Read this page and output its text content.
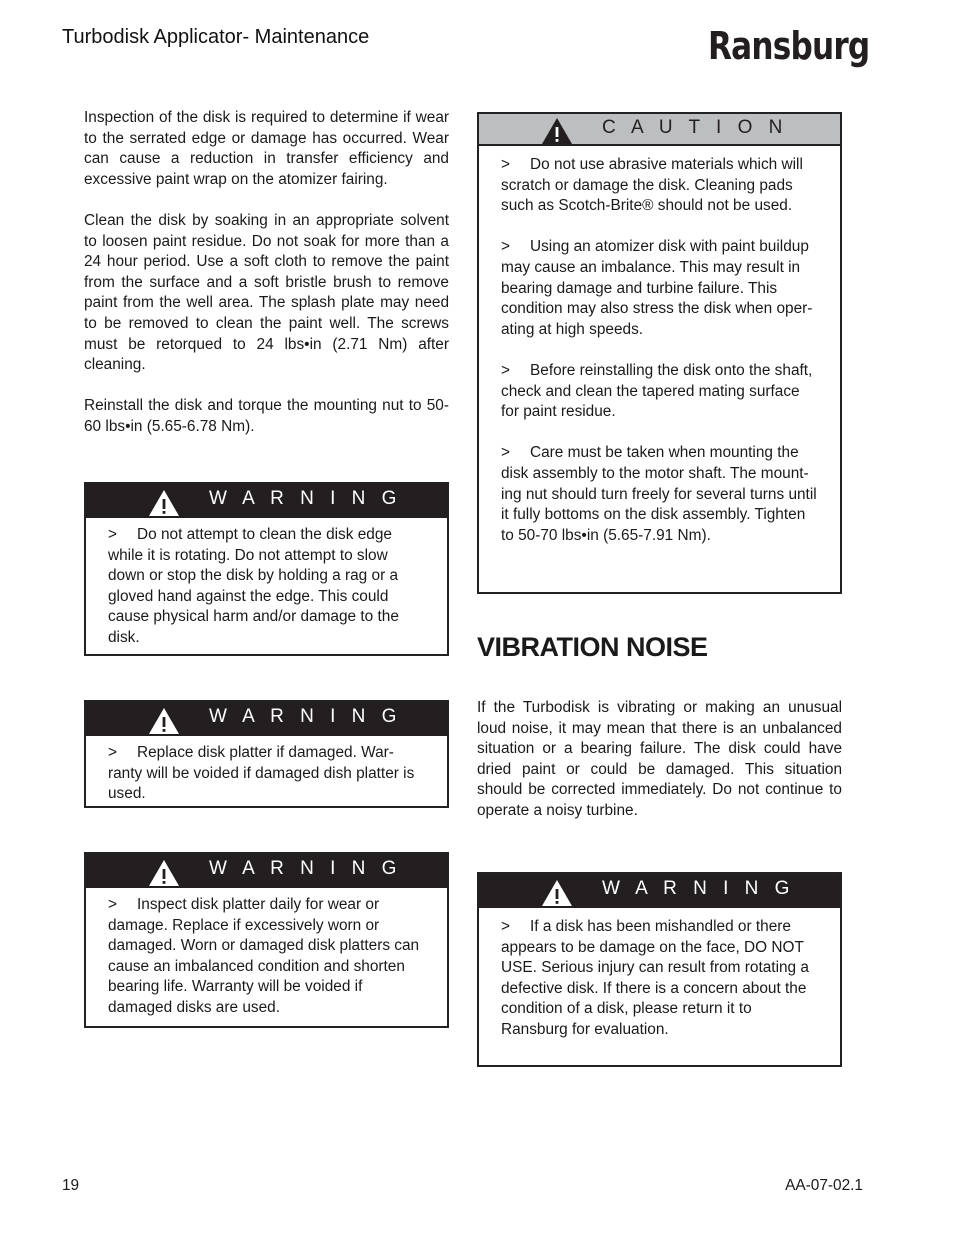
Turbodisk Applicator- Maintenance	Ransburg

Inspection of the disk is required to determine if wear to the serrated edge or damage has occurred. Wear can cause a reduction in transfer efficiency and excessive paint wrap on the atomizer fairing.

Clean the disk by soaking in an appropriate solvent to loosen paint residue. Do not soak for more than a 24 hour period. Use a soft cloth to remove the paint from the surface and a soft bristle brush to remove paint from the well area. The splash plate may need to be removed to clean the paint well. The screws must be retorqued to 24 lbs•in (2.71 Nm) after cleaning.

Reinstall the disk and torque the mounting nut to 50-60 lbs•in (5.65-6.78 Nm).

W A R N I N G

> Do not attempt to clean the disk edge while it is rotating. Do not attempt to slow down or stop the disk by holding a rag or a gloved hand against the edge. This could cause physical harm and/or damage to the disk.

W A R N I N G

> Replace disk platter if damaged. War-ranty will be voided if damaged dish platter is used.

W A R N I N G

> Inspect disk platter daily for wear or damage. Replace if excessively worn or damaged. Worn or damaged disk platters can cause an imbalanced condition and shorten bearing life. Warranty will be voided if damaged disks are used.

C A U T I O N

> Do not use abrasive materials which will scratch or damage the disk. Cleaning pads such as Scotch-Brite® should not be used.

> Using an atomizer disk with paint buildup may cause an imbalance. This may result in bearing damage and turbine failure. This condition may also stress the disk when oper-ating at high speeds.

> Before reinstalling the disk onto the shaft, check and clean the tapered mating surface for paint residue.

> Care must be taken when mounting the disk assembly to the motor shaft. The mount-ing nut should turn freely for several turns until it fully bottoms on the disk assembly. Tighten to 50-70 lbs•in (5.65-7.91 Nm).

VIBRATION NOISE

If the Turbodisk is vibrating or making an unusual loud noise, it may mean that there is an unbalanced situation or a bearing failure. The disk could have dried paint or could be damaged. This situation should be corrected immediately. Do not continue to operate a noisy turbine.

W A R N I N G

> If a disk has been mishandled or there appears to be damage on the face, DO NOT USE. Serious injury can result from rotating a defective disk. If there is a concern about the condition of a disk, please return it to Ransburg for evaluation.

19	AA-07-02.1
